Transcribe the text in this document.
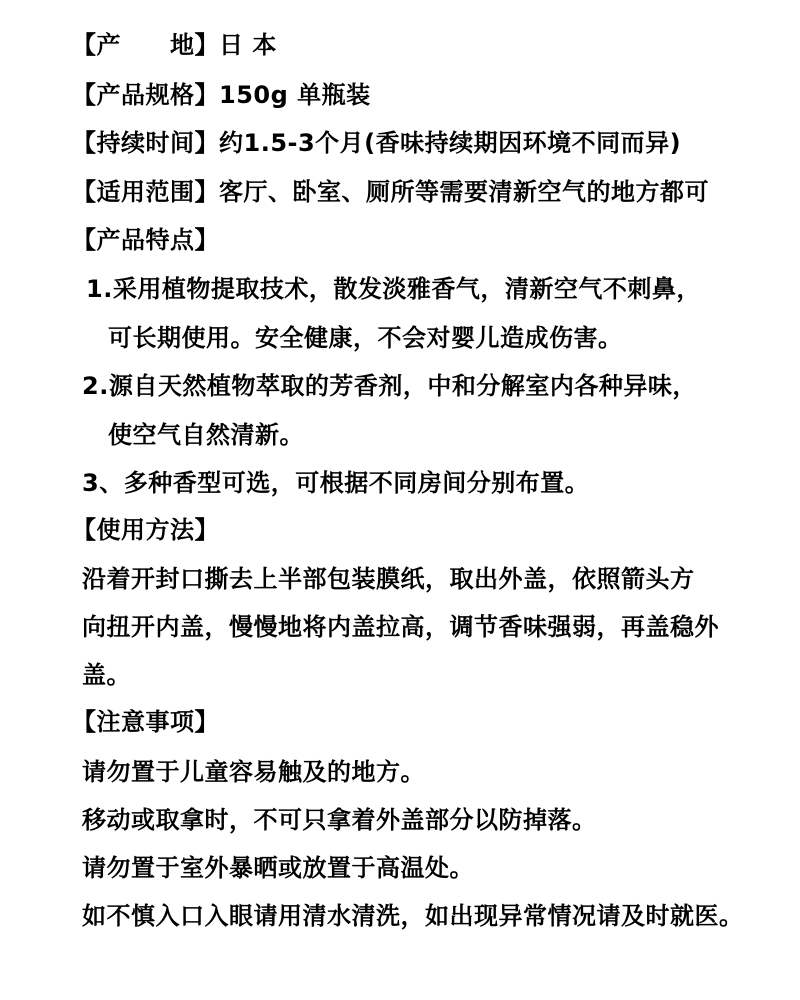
【产　　地】日 本
【产品规格】150g 单瓶装
【持续时间】约1.5-3个月(香味持续期因环境不同而异)
【适用范围】客厅、卧室、厕所等需要清新空气的地方都可
【产品特点】
1.采用植物提取技术，散发淡雅香气，清新空气不刺鼻，
可长期使用。安全健康，不会对婴儿造成伤害。
2.源自天然植物萃取的芳香剂，中和分解室内各种异味，
使空气自然清新。
3、多种香型可选，可根据不同房间分别布置。
【使用方法】
沿着开封口撕去上半部包装膜纸，取出外盖，依照箭头方
向扭开内盖，慢慢地将内盖拉高，调节香味强弱，再盖稳外
盖。
【注意事项】
请勿置于儿童容易触及的地方。
移动或取拿时，不可只拿着外盖部分以防掉落。
请勿置于室外暴晒或放置于高温处。
如不慎入口入眼请用清水清洗，如出现异常情况请及时就医。
